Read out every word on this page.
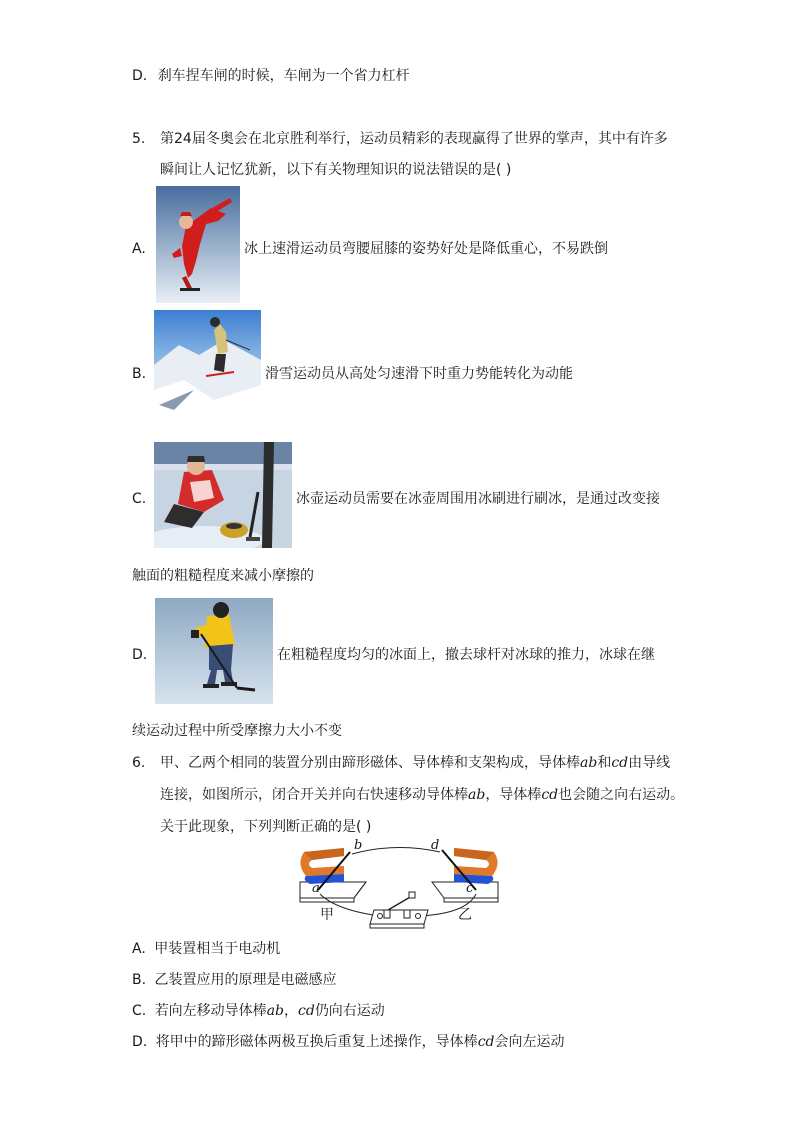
D. 刹车捏车闸的时候，车闸为一个省力杠杆
5. 第24届冬奥会在北京胜利举行，运动员精彩的表现赢得了世界的掌声，其中有许多
瞬间让人记忆犹新，以下有关物理知识的说法错误的是( )
A.	冰上速滑运动员弯腰屈膝的姿势好处是降低重心，不易跌倒
B.	滑雪运动员从高处匀速滑下时重力势能转化为动能
C.	冰壶运动员需要在冰壶周围用冰刷进行刷冰，是通过改变接
触面的粗糙程度来减小摩擦的
D.	在粗糙程度均匀的冰面上，撤去球杆对冰球的推力，冰球在继
续运动过程中所受摩擦力大小不变
6. 甲、乙两个相同的装置分别由蹄形磁体、导体棒和支架构成，导体棒ab和cd由导线
连接，如图所示，闭合开关并向右快速移动导体棒ab，导体棒cd也会随之向右运动。
关于此现象，下列判断正确的是( )
b
a
d
c
甲	乙
A. 甲装置相当于电动机
B. 乙装置应用的原理是电磁感应
C. 若向左移动导体棒ab，cd仍向右运动
D. 将甲中的蹄形磁体两极互换后重复上述操作，导体棒cd会向左运动
